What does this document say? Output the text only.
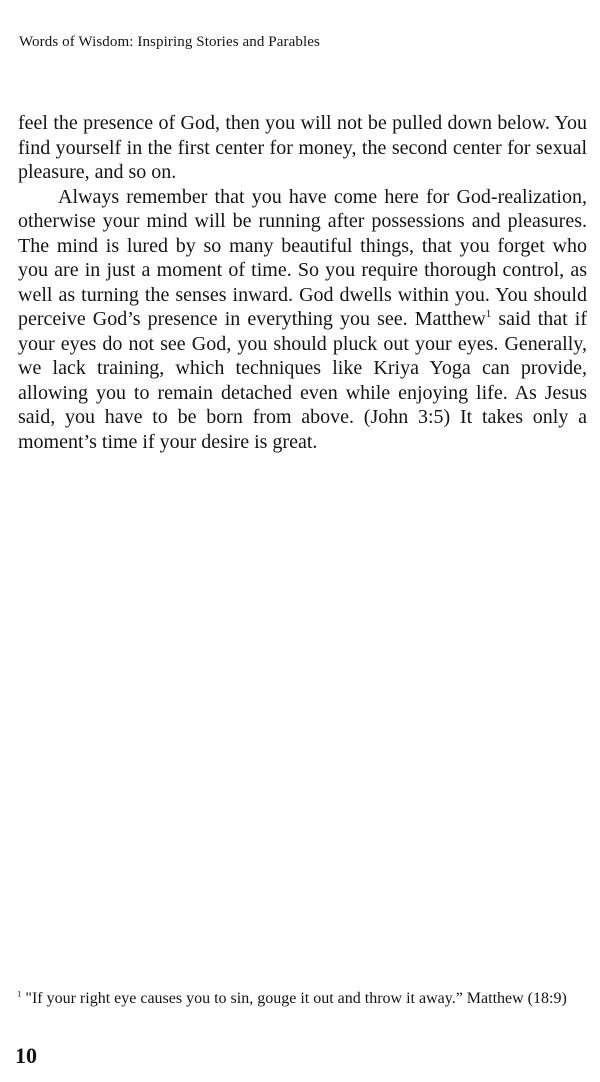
Words of Wisdom: Inspiring Stories and Parables

feel the presence of God, then you will not be pulled down below. You find yourself in the first center for money, the second center for sexual pleasure, and so on.

Always remember that you have come here for God-realization, otherwise your mind will be running after possessions and pleasures. The mind is lured by so many beautiful things, that you forget who you are in just a moment of time. So you require thorough control, as well as turning the senses inward. God dwells within you. You should perceive God’s presence in everything you see. Matthew$^1$ said that if your eyes do not see God, you should pluck out your eyes. Generally, we lack training, which techniques like Kriya Yoga can provide, allowing you to remain detached even while enjoying life. As Jesus said, you have to be born from above. (John 3:5) It takes only a moment’s time if your desire is great.

$^1$ "If your right eye causes you to sin, gouge it out and throw it away.” Matthew (18:9)
10
